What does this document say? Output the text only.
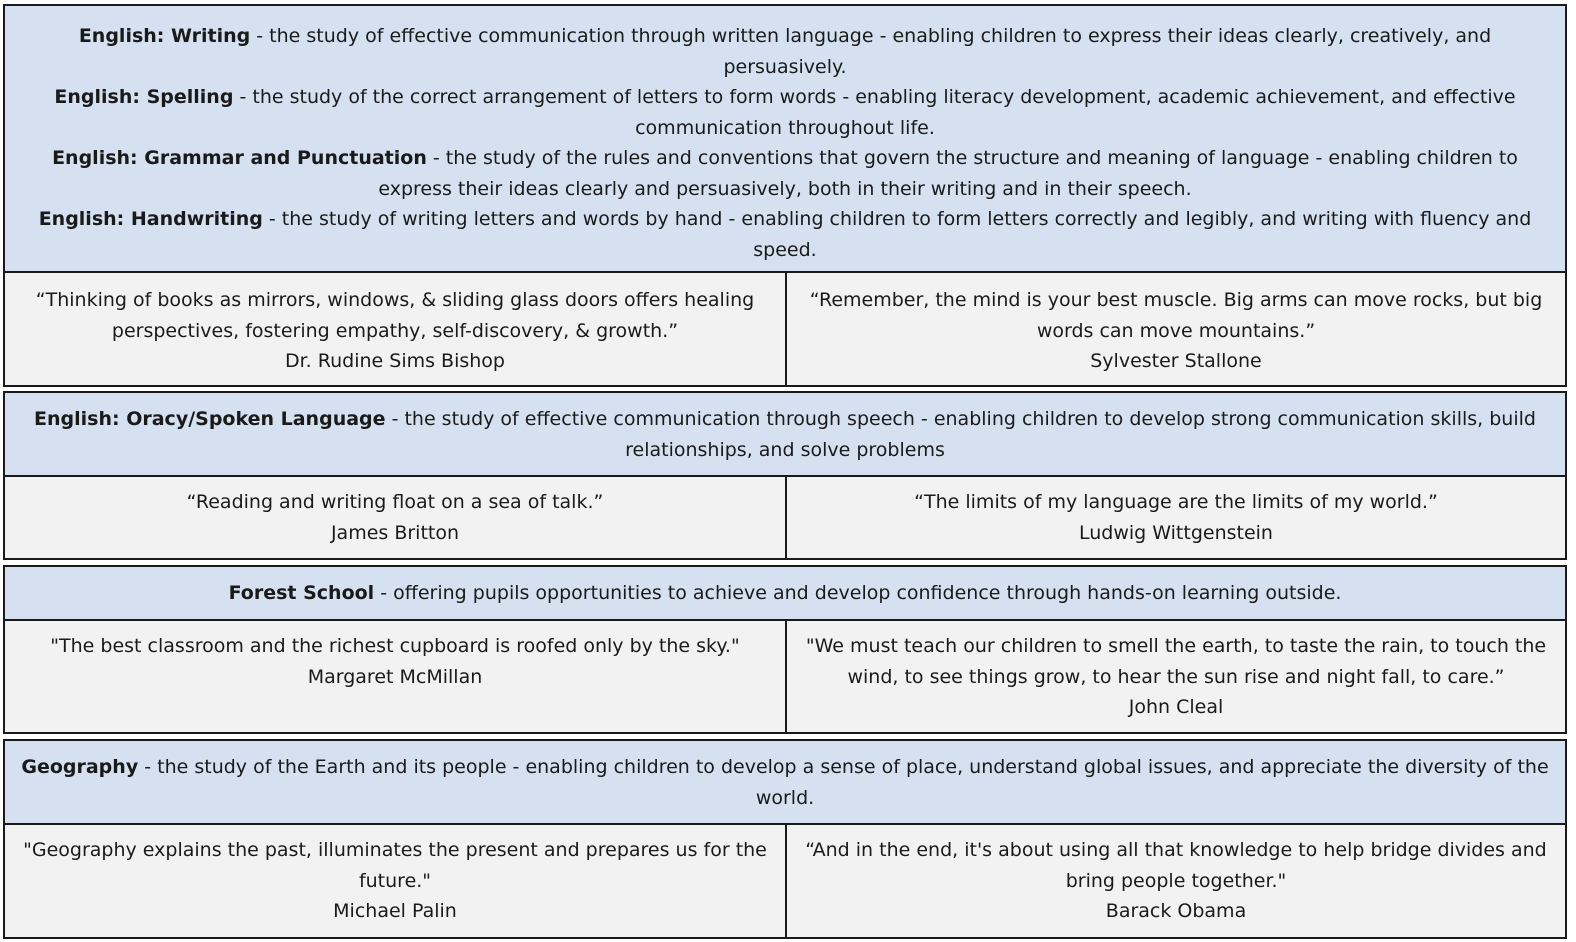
English: Writing - the study of effective communication through written language - enabling children to express their ideas clearly, creatively, and persuasively.
English: Spelling - the study of the correct arrangement of letters to form words - enabling literacy development, academic achievement, and effective communication throughout life.
English: Grammar and Punctuation - the study of the rules and conventions that govern the structure and meaning of language - enabling children to express their ideas clearly and persuasively, both in their writing and in their speech.
English: Handwriting - the study of writing letters and words by hand - enabling children to form letters correctly and legibly, and writing with fluency and speed.
“Thinking of books as mirrors, windows, & sliding glass doors offers healing perspectives, fostering empathy, self-discovery, & growth.”
Dr. Rudine Sims Bishop
“Remember, the mind is your best muscle. Big arms can move rocks, but big words can move mountains.”
Sylvester Stallone
English: Oracy/Spoken Language - the study of effective communication through speech - enabling children to develop strong communication skills, build relationships, and solve problems
“Reading and writing float on a sea of talk.”
James Britton
“The limits of my language are the limits of my world.”
Ludwig Wittgenstein
Forest School - offering pupils opportunities to achieve and develop confidence through hands-on learning outside.
"The best classroom and the richest cupboard is roofed only by the sky."
Margaret McMillan
"We must teach our children to smell the earth, to taste the rain, to touch the wind, to see things grow, to hear the sun rise and night fall, to care.”
John Cleal
Geography - the study of the Earth and its people - enabling children to develop a sense of place, understand global issues, and appreciate the diversity of the world.
"Geography explains the past, illuminates the present and prepares us for the future."
Michael Palin
“And in the end, it's about using all that knowledge to help bridge divides and bring people together."
Barack Obama
